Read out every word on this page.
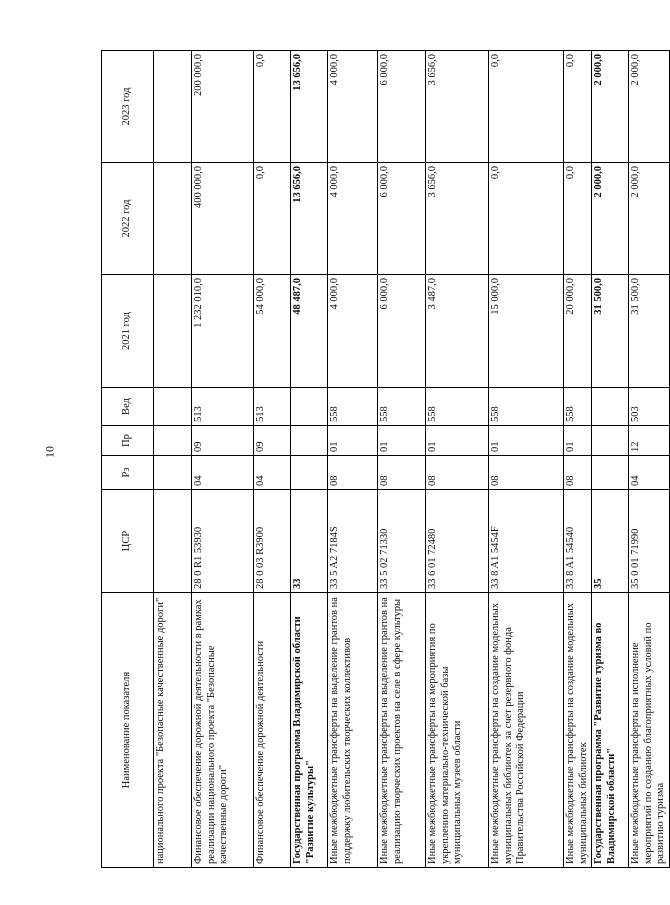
10
Наименование показателя	ЦСР	Рз	Пр	Вед	2021 год	2022 год	2023 год
национального проекта "Безопасные качественные дороги"							
Финансовое обеспечение дорожной деятельности в рамках реализации национального проекта "Безопасные качественные дороги"	28 0 R1 53930	04	09	513	1 232 010,0	400 000,0	200 000,0
Финансовое обеспечение дорожной деятельности	28 0 03 R3900	04	09	513	54 000,0	0,0	0,0
Государственная программа Владимирской области "Развитие культуры"	33				48 487,0	13 656,0	13 656,0
Иные межбюджетные трансферты на выделение грантов на поддержку любительских творческих коллективов	33 5 A2 7184S	08	01	558	4 000,0	4 000,0	4 000,0
Иные межбюджетные трансферты на выделение грантов на реализацию творческих проектов на селе в сфере культуры	33 5 02 71330	08	01	558	6 000,0	6 000,0	6 000,0
Иные межбюджетные трансферты на мероприятия по укреплению материально-технической базы муниципальных музеев области	33 6 01 72480	08	01	558	3 487,0	3 656,0	3 656,0
Иные межбюджетные трансферты на создание модельных муниципальных библиотек за счет резервного фонда Правительства Российской Федерации	33 8 A1 5454F	08	01	558	15 000,0	0,0	0,0
Иные межбюджетные трансферты на создание модельных муниципальных библиотек	33 8 A1 54540	08	01	558	20 000,0	0,0	0,0
Государственная программа "Развитие туризма во Владимирской области"	35				31 500,0	2 000,0	2 000,0
Иные межбюджетные трансферты на исполнение мероприятий по созданию благоприятных условий по развитию туризма	35 0 01 71990	04	12	503	31 500,0	2 000,0	2 000,0
